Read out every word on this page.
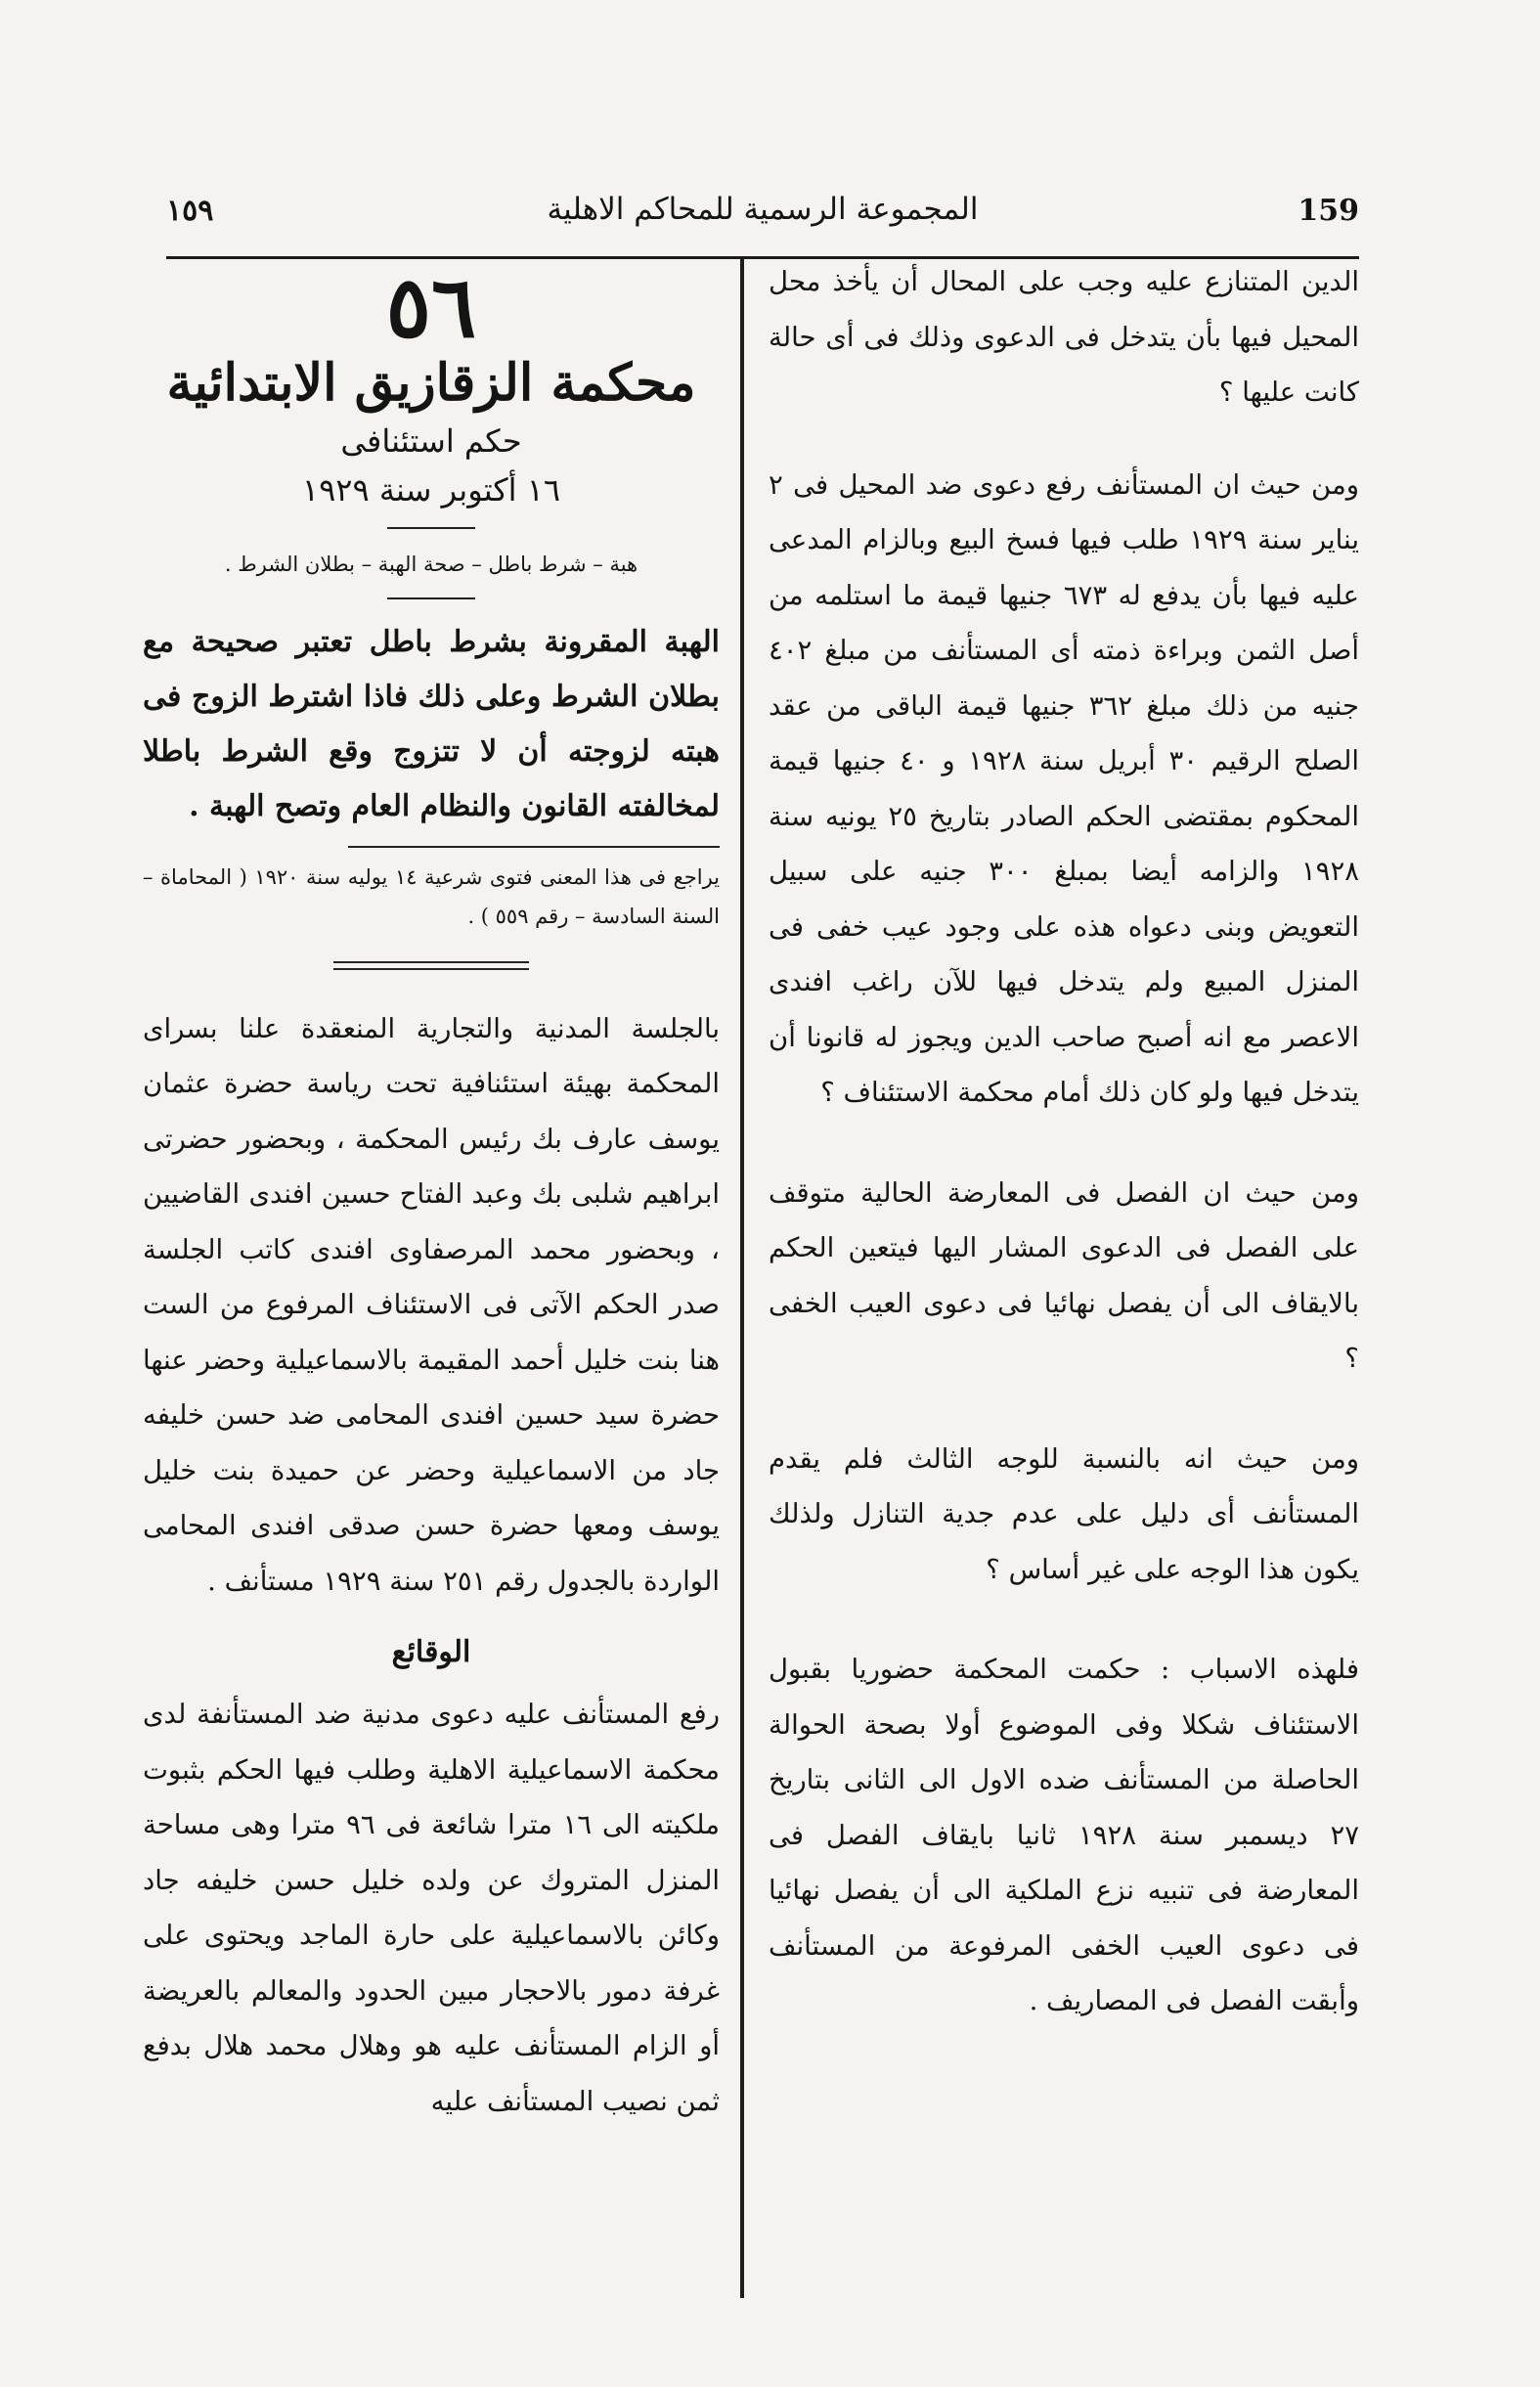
١٥٩	المجموعة الرسمية للمحاكم الاهلية	159

الدين المتنازع عليه وجب على المحال أن يأخذ محل المحيل فيها بأن يتدخل فى الدعوى وذلك فى أى حالة كانت عليها ؟

ومن حيث ان المستأنف رفع دعوى ضد المحيل فى ٢ يناير سنة ١٩٢٩ طلب فيها فسخ البيع وبالزام المدعى عليه فيها بأن يدفع له ٦٧٣ جنيها قيمة ما استلمه من أصل الثمن وبراءة ذمته أى المستأنف من مبلغ ٤٠٢ جنيه من ذلك مبلغ ٣٦٢ جنيها قيمة الباقى من عقد الصلح الرقيم ٣٠ أبريل سنة ١٩٢٨ و ٤٠ جنيها قيمة المحكوم بمقتضى الحكم الصادر بتاريخ ٢٥ يونيه سنة ١٩٢٨ والزامه أيضا بمبلغ ٣٠٠ جنيه على سبيل التعويض وبنى دعواه هذه على وجود عيب خفى فى المنزل المبيع ولم يتدخل فيها للآن راغب افندى الاعصر مع انه أصبح صاحب الدين ويجوز له قانونا أن يتدخل فيها ولو كان ذلك أمام محكمة الاستئناف ؟

ومن حيث ان الفصل فى المعارضة الحالية متوقف على الفصل فى الدعوى المشار اليها فيتعين الحكم بالايقاف الى أن يفصل نهائيا فى دعوى العيب الخفى ؟

ومن حيث انه بالنسبة للوجه الثالث فلم يقدم المستأنف أى دليل على عدم جدية التنازل ولذلك يكون هذا الوجه على غير أساس ؟

فلهذه الاسباب : حكمت المحكمة حضوريا بقبول الاستئناف شكلا وفى الموضوع أولا بصحة الحوالة الحاصلة من المستأنف ضده الاول الى الثانى بتاريخ ٢٧ ديسمبر سنة ١٩٢٨ ثانيا بايقاف الفصل فى المعارضة فى تنبيه نزع الملكية الى أن يفصل نهائيا فى دعوى العيب الخفى المرفوعة من المستأنف وأبقت الفصل فى المصاريف .

٥٦

محكمة الزقازيق الابتدائية

حكم استئنافى

١٦ أكتوبر سنة ١٩٢٩

هبة – شرط باطل – صحة الهبة – بطلان الشرط .

الهبة المقرونة بشرط باطل تعتبر صحيحة مع بطلان الشرط وعلى ذلك فاذا اشترط الزوج فى هبته لزوجته أن لا تتزوج وقع الشرط باطلا لمخالفته القانون والنظام العام وتصح الهبة .

يراجع فى هذا المعنى فتوى شرعية ١٤ يوليه سنة ١٩٢٠ ( المحاماة – السنة السادسة – رقم ٥٥٩ ) .

بالجلسة المدنية والتجارية المنعقدة علنا بسراى المحكمة بهيئة استئنافية تحت رياسة حضرة عثمان يوسف عارف بك رئيس المحكمة ، وبحضور حضرتى ابراهيم شلبى بك وعبد الفتاح حسين افندى القاضيين ، وبحضور محمد المرصفاوى افندى كاتب الجلسة صدر الحكم الآتى فى الاستئناف المرفوع من الست هنا بنت خليل أحمد المقيمة بالاسماعيلية وحضر عنها حضرة سيد حسين افندى المحامى ضد حسن خليفه جاد من الاسماعيلية وحضر عن حميدة بنت خليل يوسف ومعها حضرة حسن صدقى افندى المحامى الواردة بالجدول رقم ٢٥١ سنة ١٩٢٩ مستأنف .

الوقائع

رفع المستأنف عليه دعوى مدنية ضد المستأنفة لدى محكمة الاسماعيلية الاهلية وطلب فيها الحكم بثبوت ملكيته الى ١٦ مترا شائعة فى ٩٦ مترا وهى مساحة المنزل المتروك عن ولده خليل حسن خليفه جاد وكائن بالاسماعيلية على حارة الماجد ويحتوى على غرفة دمور بالاحجار مبين الحدود والمعالم بالعريضة أو الزام المستأنف عليه هو وهلال محمد هلال بدفع ثمن نصيب المستأنف عليه
